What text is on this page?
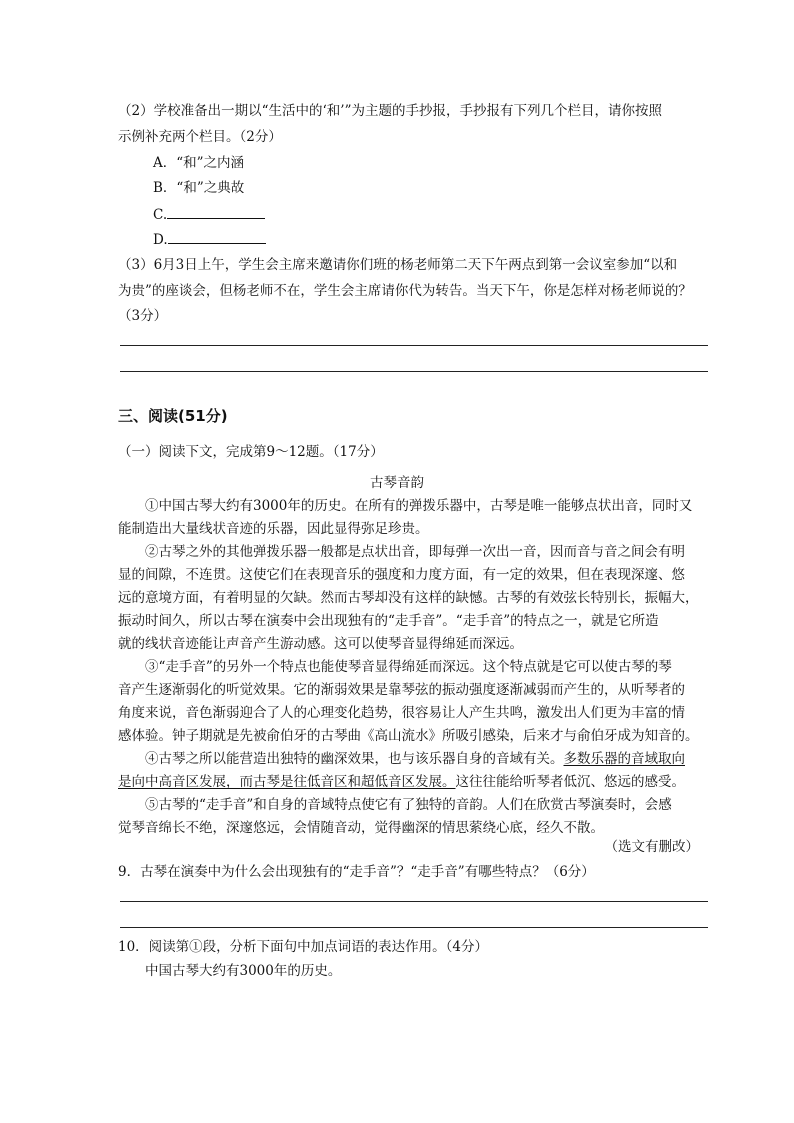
（2）学校准备出一期以“生活中的‘和’”为主题的手抄报，手抄报有下列几个栏目，请你按照
示例补充两个栏目。（2分）
A．“和”之内涵
B．“和”之典故
C.
D.
（3）6月3日上午，学生会主席来邀请你们班的杨老师第二天下午两点到第一会议室参加“以和
为贵”的座谈会，但杨老师不在，学生会主席请你代为转告。当天下午，你是怎样对杨老师说的？
（3分）
三、阅读(51分)
（一）阅读下文，完成第9～12题。（17分）
古琴音韵
①中国古琴大约有3000年的历史。在所有的弹拨乐器中，古琴是唯一能够点状出音，同时又
能制造出大量线状音迹的乐器，因此显得弥足珍贵。
②古琴之外的其他弹拨乐器一般都是点状出音，即每弹一次出一音，因而音与音之间会有明
显的间隙，不连贯。这使它们在表现音乐的强度和力度方面，有一定的效果，但在表现深邃、悠
远的意境方面，有着明显的欠缺。然而古琴却没有这样的缺憾。古琴的有效弦长特别长，振幅大，
振动时间久，所以古琴在演奏中会出现独有的“走手音”。“走手音”的特点之一，就是它所造
就的线状音迹能让声音产生游动感。这可以使琴音显得绵延而深远。
③“走手音”的另外一个特点也能使琴音显得绵延而深远。这个特点就是它可以使古琴的琴
音产生逐渐弱化的听觉效果。它的渐弱效果是靠琴弦的振动强度逐渐减弱而产生的，从听琴者的
角度来说，音色渐弱迎合了人的心理变化趋势，很容易让人产生共鸣，激发出人们更为丰富的情
感体验。钟子期就是先被俞伯牙的古琴曲《高山流水》所吸引感染，后来才与俞伯牙成为知音的。
④古琴之所以能营造出独特的幽深效果，也与该乐器自身的音域有关。多数乐器的音域取向
是向中高音区发展，而古琴是往低音区和超低音区发展。这往往能给听琴者低沉、悠远的感受。
⑤古琴的“走手音”和自身的音域特点使它有了独特的音韵。人们在欣赏古琴演奏时，会感
觉琴音绵长不绝，深邃悠远，会情随音动，觉得幽深的情思萦绕心底，经久不散。
（选文有删改）
9．古琴在演奏中为什么会出现独有的“走手音”？“走手音”有哪些特点？（6分）
10．阅读第①段，分析下面句中加点词语的表达作用。（4分）
中国古琴大约有3000年的历史。
